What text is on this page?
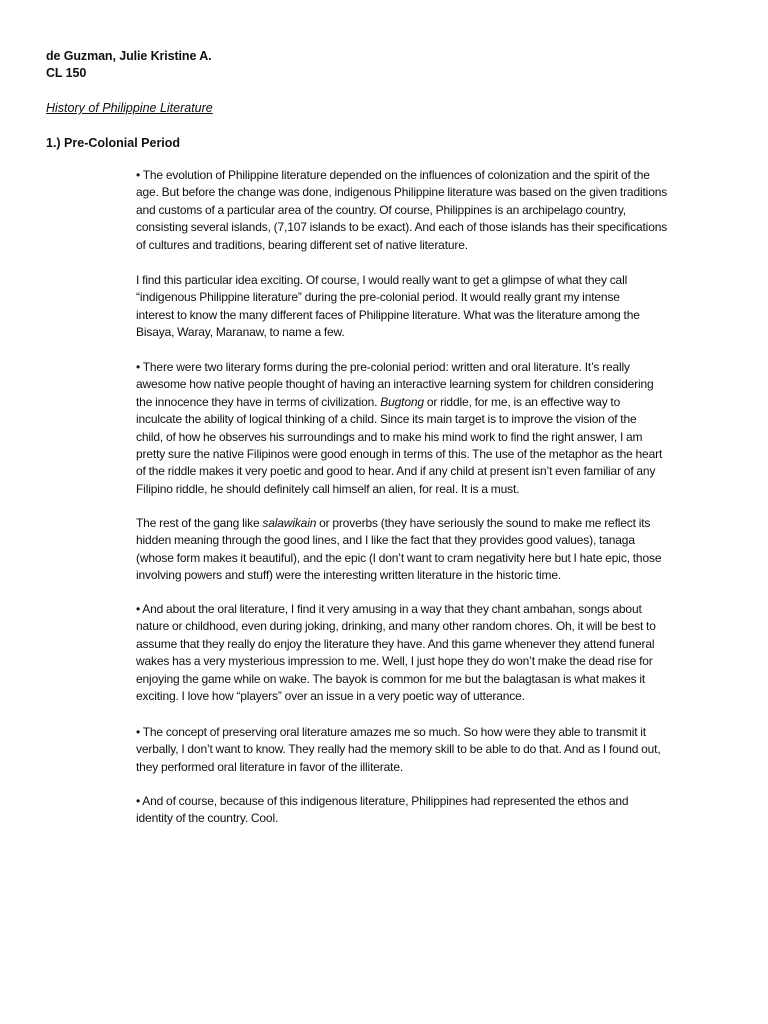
de Guzman, Julie Kristine A.
CL 150
History of Philippine Literature
1.) Pre-Colonial Period
• The evolution of Philippine literature depended on the influences of colonization and the spirit of the
age. But before the change was done, indigenous Philippine literature was based on the given traditions
and customs of a particular area of the country. Of course, Philippines is an archipelago country,
consisting several islands, (7,107 islands to be exact). And each of those islands has their specifications
of cultures and traditions, bearing different set of native literature.
I find this particular idea exciting. Of course, I would really want to get a glimpse of what they call
“indigenous Philippine literature” during the pre-colonial period. It would really grant my intense
interest to know the many different faces of Philippine literature. What was the literature among the
Bisaya, Waray, Maranaw, to name a few.
• There were two literary forms during the pre-colonial period: written and oral literature. It’s really
awesome how native people thought of having an interactive learning system for children considering
the innocence they have in terms of civilization. Bugtong or riddle, for me, is an effective way to
inculcate the ability of logical thinking of a child. Since its main target is to improve the vision of the
child, of how he observes his surroundings and to make his mind work to find the right answer, I am
pretty sure the native Filipinos were good enough in terms of this. The use of the metaphor as the heart
of the riddle makes it very poetic and good to hear. And if any child at present isn’t even familiar of any
Filipino riddle, he should definitely call himself an alien, for real. It is a must.
The rest of the gang like salawikain or proverbs (they have seriously the sound to make me reflect its
hidden meaning through the good lines, and I like the fact that they provides good values), tanaga
(whose form makes it beautiful), and the epic (I don’t want to cram negativity here but I hate epic, those
involving powers and stuff) were the interesting written literature in the historic time.
• And about the oral literature, I find it very amusing in a way that they chant ambahan, songs about
nature or childhood, even during joking, drinking, and many other random chores. Oh, it will be best to
assume that they really do enjoy the literature they have. And this game whenever they attend funeral
wakes has a very mysterious impression to me. Well, I just hope they do won’t make the dead rise for
enjoying the game while on wake. The bayok is common for me but the balagtasan is what makes it
exciting. I love how “players” over an issue in a very poetic way of utterance.
• The concept of preserving oral literature amazes me so much. So how were they able to transmit it
verbally, I don’t want to know. They really had the memory skill to be able to do that. And as I found out,
they performed oral literature in favor of the illiterate.
• And of course, because of this indigenous literature, Philippines had represented the ethos and
identity of the country. Cool.
